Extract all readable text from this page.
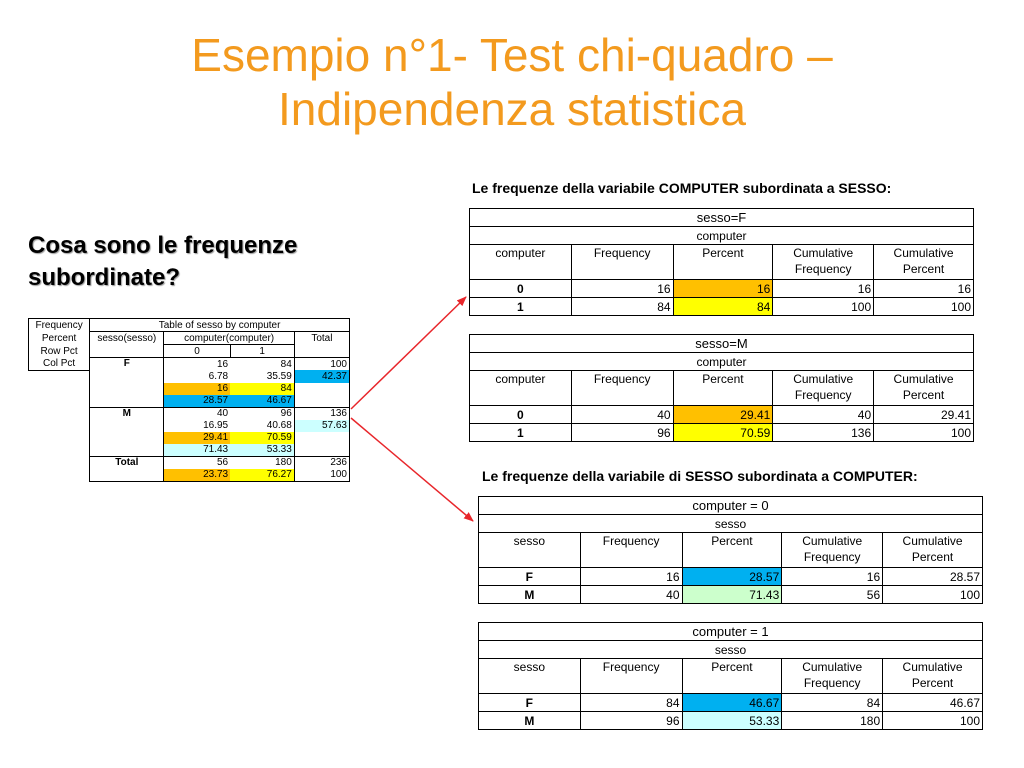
Esempio n°1- Test chi-quadro –
Indipendenza statistica
Cosa sono le frequenze
subordinate?
Frequency	Table of sesso by computer			
Percent	sesso(sesso)	computer(computer)		Total
Row Pct		0	1	
Col Pct	F	16	84	100
		6.78	35.59	42.37
		16	84	
		28.57	46.67	
	M	40	96	136
		16.95	40.68	57.63
		29.41	70.59	
		71.43	53.33	
	Total	56	180	236
		23.73	76.27	100
Le frequenze della variabile COMPUTER subordinata a SESSO:
sesso=F				
computer				
computer	Frequency	Percent	Cumulative Frequency	Cumulative Percent
0	16	16	16	16
1	84	84	100	100
sesso=M				
computer				
computer	Frequency	Percent	Cumulative Frequency	Cumulative Percent
0	40	29.41	40	29.41
1	96	70.59	136	100
Le frequenze della variabile di SESSO subordinata a COMPUTER:
computer = 0				
sesso				
sesso	Frequency	Percent	Cumulative Frequency	Cumulative Percent
F	16	28.57	16	28.57
M	40	71.43	56	100
computer = 1				
sesso				
sesso	Frequency	Percent	Cumulative Frequency	Cumulative Percent
F	84	46.67	84	46.67
M	96	53.33	180	100
